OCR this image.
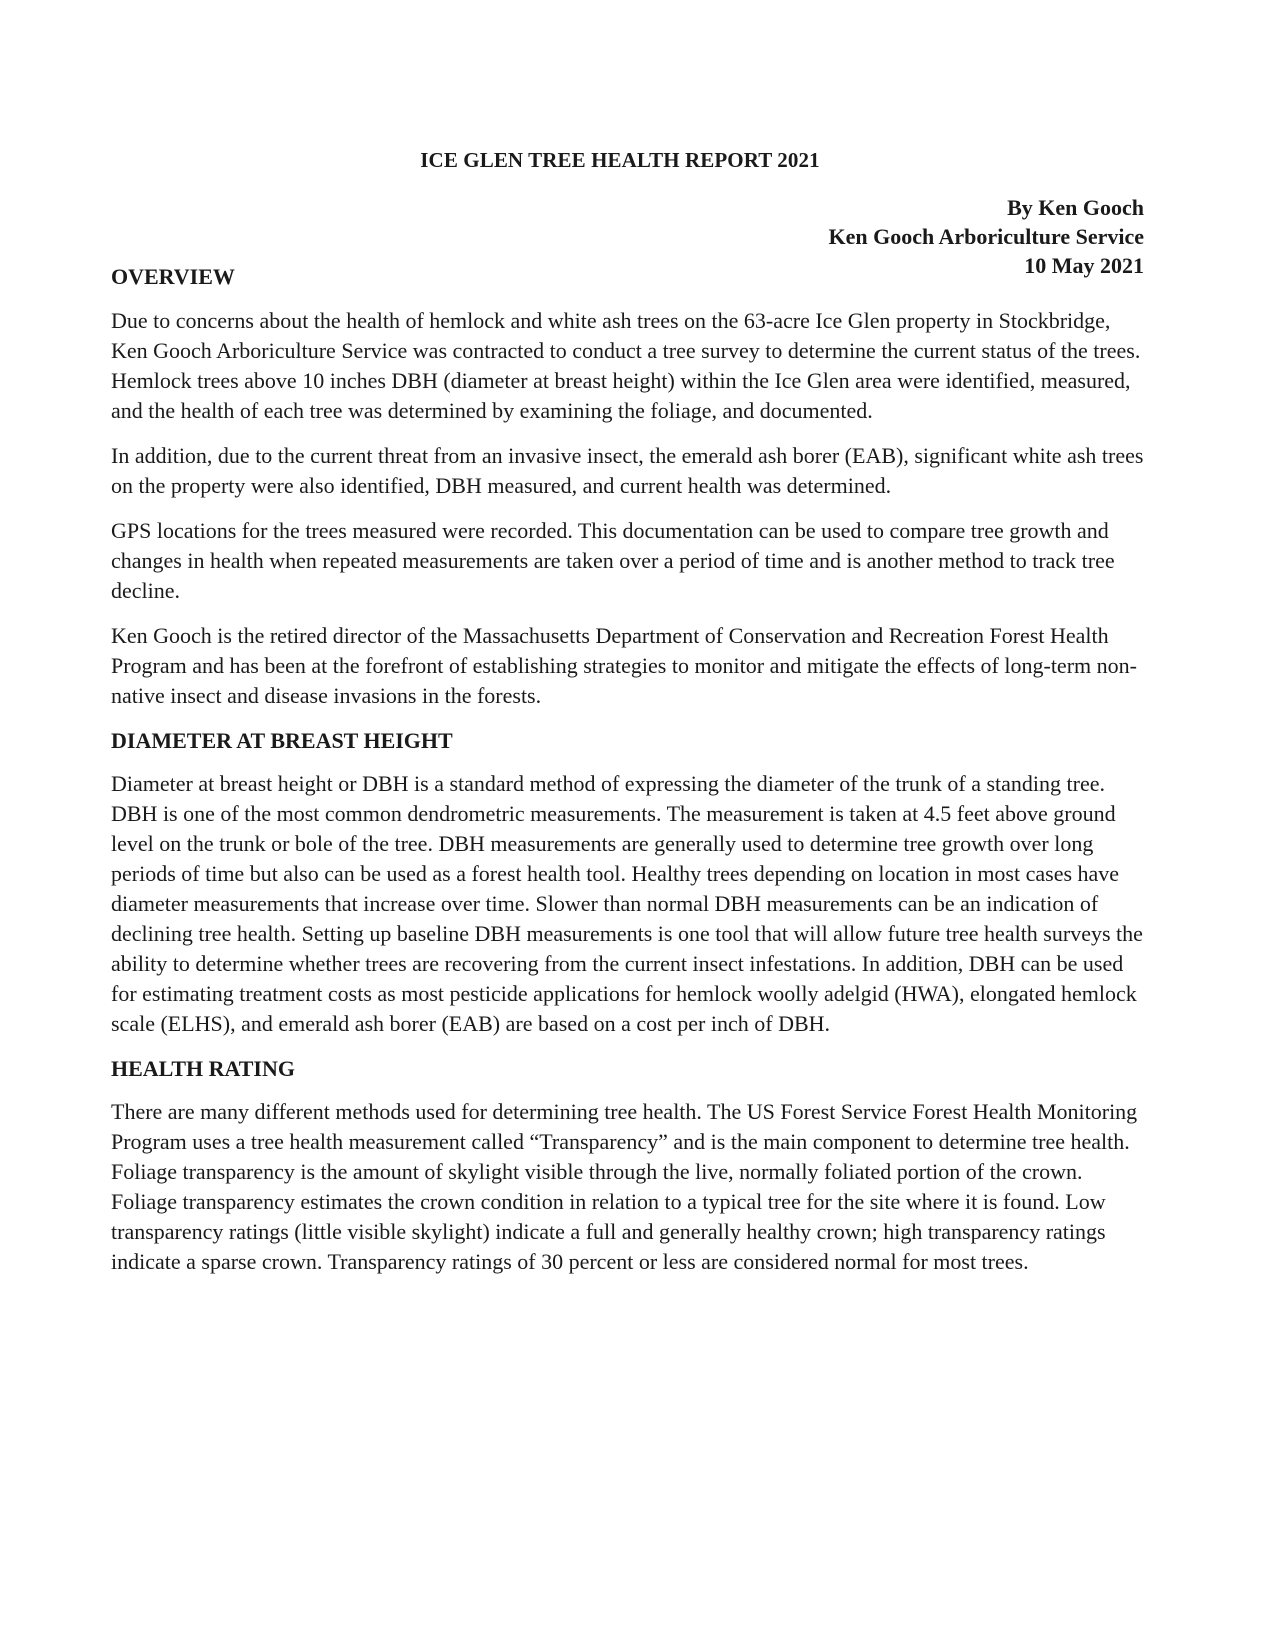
ICE GLEN TREE HEALTH REPORT 2021
By Ken Gooch
Ken Gooch Arboriculture Service
10 May 2021
OVERVIEW

Due to concerns about the health of hemlock and white ash trees on the 63-acre Ice Glen property in Stockbridge, Ken Gooch Arboriculture Service was contracted to conduct a tree survey to determine the current status of the trees. Hemlock trees above 10 inches DBH (diameter at breast height) within the Ice Glen area were identified, measured, and the health of each tree was determined by examining the foliage, and documented.

In addition, due to the current threat from an invasive insect, the emerald ash borer (EAB), significant white ash trees on the property were also identified, DBH measured, and current health was determined.

GPS locations for the trees measured were recorded. This documentation can be used to compare tree growth and changes in health when repeated measurements are taken over a period of time and is another method to track tree decline.

Ken Gooch is the retired director of the Massachusetts Department of Conservation and Recreation Forest Health Program and has been at the forefront of establishing strategies to monitor and mitigate the effects of long-term non-native insect and disease invasions in the forests.

DIAMETER AT BREAST HEIGHT

Diameter at breast height or DBH is a standard method of expressing the diameter of the trunk of a standing tree. DBH is one of the most common dendrometric measurements. The measurement is taken at 4.5 feet above ground level on the trunk or bole of the tree. DBH measurements are generally used to determine tree growth over long periods of time but also can be used as a forest health tool. Healthy trees depending on location in most cases have diameter measurements that increase over time. Slower than normal DBH measurements can be an indication of declining tree health. Setting up baseline DBH measurements is one tool that will allow future tree health surveys the ability to determine whether trees are recovering from the current insect infestations. In addition, DBH can be used for estimating treatment costs as most pesticide applications for hemlock woolly adelgid (HWA), elongated hemlock scale (ELHS), and emerald ash borer (EAB) are based on a cost per inch of DBH.

HEALTH RATING

There are many different methods used for determining tree health. The US Forest Service Forest Health Monitoring Program uses a tree health measurement called “Transparency” and is the main component to determine tree health. Foliage transparency is the amount of skylight visible through the live, normally foliated portion of the crown. Foliage transparency estimates the crown condition in relation to a typical tree for the site where it is found. Low transparency ratings (little visible skylight) indicate a full and generally healthy crown; high transparency ratings indicate a sparse crown. Transparency ratings of 30 percent or less are considered normal for most trees.
